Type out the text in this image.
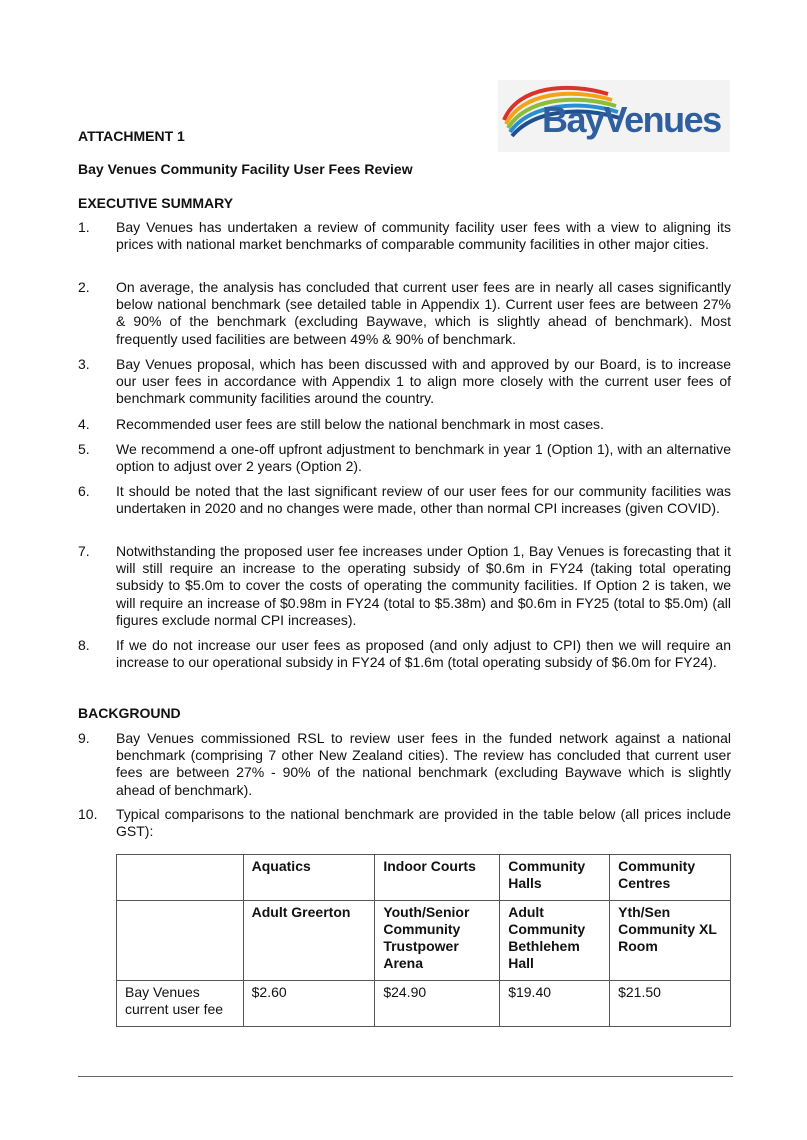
BayVenues
ATTACHMENT 1
Bay Venues Community Facility User Fees Review
EXECUTIVE SUMMARY
1. Bay Venues has undertaken a review of community facility user fees with a view to aligning its prices with national market benchmarks of comparable community facilities in other major cities.
2. On average, the analysis has concluded that current user fees are in nearly all cases significantly below national benchmark (see detailed table in Appendix 1). Current user fees are between 27% & 90% of the benchmark (excluding Baywave, which is slightly ahead of benchmark). Most frequently used facilities are between 49% & 90% of benchmark.
3. Bay Venues proposal, which has been discussed with and approved by our Board, is to increase our user fees in accordance with Appendix 1 to align more closely with the current user fees of benchmark community facilities around the country.
4. Recommended user fees are still below the national benchmark in most cases.
5. We recommend a one-off upfront adjustment to benchmark in year 1 (Option 1), with an alternative option to adjust over 2 years (Option 2).
6. It should be noted that the last significant review of our user fees for our community facilities was undertaken in 2020 and no changes were made, other than normal CPI increases (given COVID).
7. Notwithstanding the proposed user fee increases under Option 1, Bay Venues is forecasting that it will still require an increase to the operating subsidy of $0.6m in FY24 (taking total operating subsidy to $5.0m to cover the costs of operating the community facilities. If Option 2 is taken, we will require an increase of $0.98m in FY24 (total to $5.38m) and $0.6m in FY25 (total to $5.0m) (all figures exclude normal CPI increases).
8. If we do not increase our user fees as proposed (and only adjust to CPI) then we will require an increase to our operational subsidy in FY24 of $1.6m (total operating subsidy of $6.0m for FY24).
BACKGROUND
9. Bay Venues commissioned RSL to review user fees in the funded network against a national benchmark (comprising 7 other New Zealand cities). The review has concluded that current user fees are between 27% - 90% of the national benchmark (excluding Baywave which is slightly ahead of benchmark).
10. Typical comparisons to the national benchmark are provided in the table below (all prices include GST):
	Aquatics	Indoor Courts	Community Halls	Community Centres
	Adult Greerton	Youth/Senior Community Trustpower Arena	Adult Community Bethlehem Hall	Yth/Sen Community XL Room
Bay Venues current user fee	$2.60	$24.90	$19.40	$21.50
